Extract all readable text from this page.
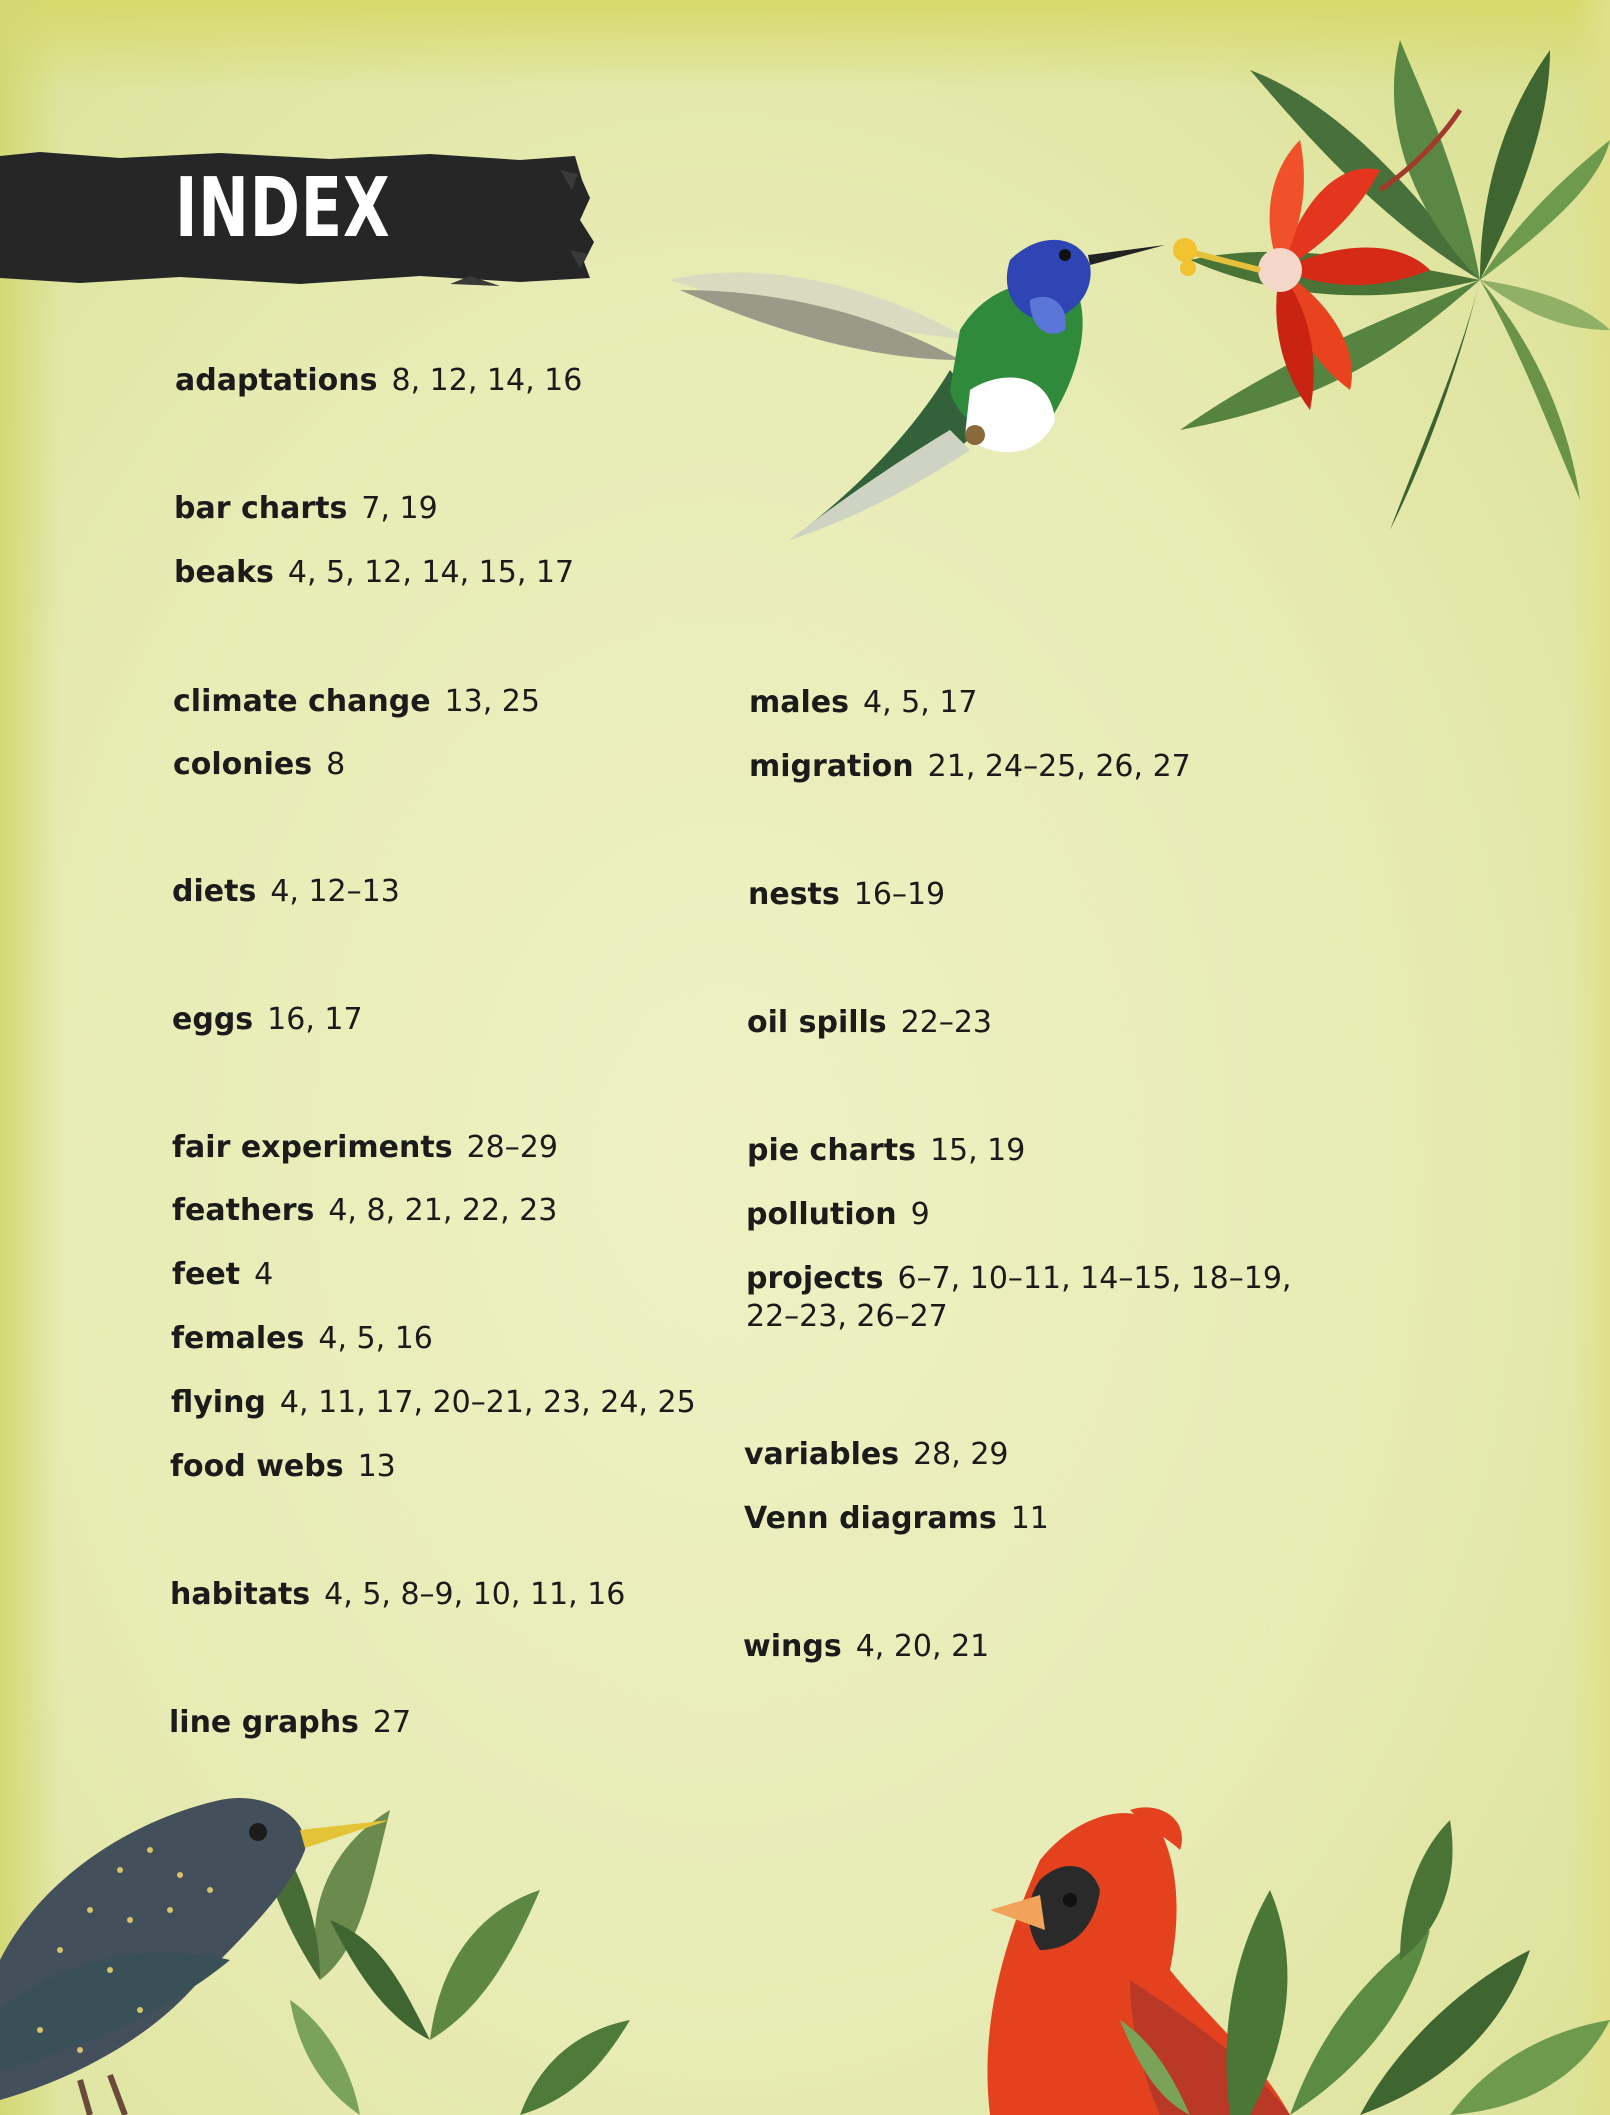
INDEX
adaptations 8, 12, 14, 16
bar charts 7, 19
beaks 4, 5, 12, 14, 15, 17
climate change 13, 25
colonies 8
diets 4, 12–13
eggs 16, 17
fair experiments 28–29
feathers 4, 8, 21, 22, 23
feet 4
females 4, 5, 16
flying 4, 11, 17, 20–21, 23, 24, 25
food webs 13
habitats 4, 5, 8–9, 10, 11, 16
line graphs 27
males 4, 5, 17
migration 21, 24–25, 26, 27
nests 16–19
oil spills 22–23
pie charts 15, 19
pollution 9
projects 6–7, 10–11, 14–15, 18–19,
22–23, 26–27
variables 28, 29
Venn diagrams 11
wings 4, 20, 21
